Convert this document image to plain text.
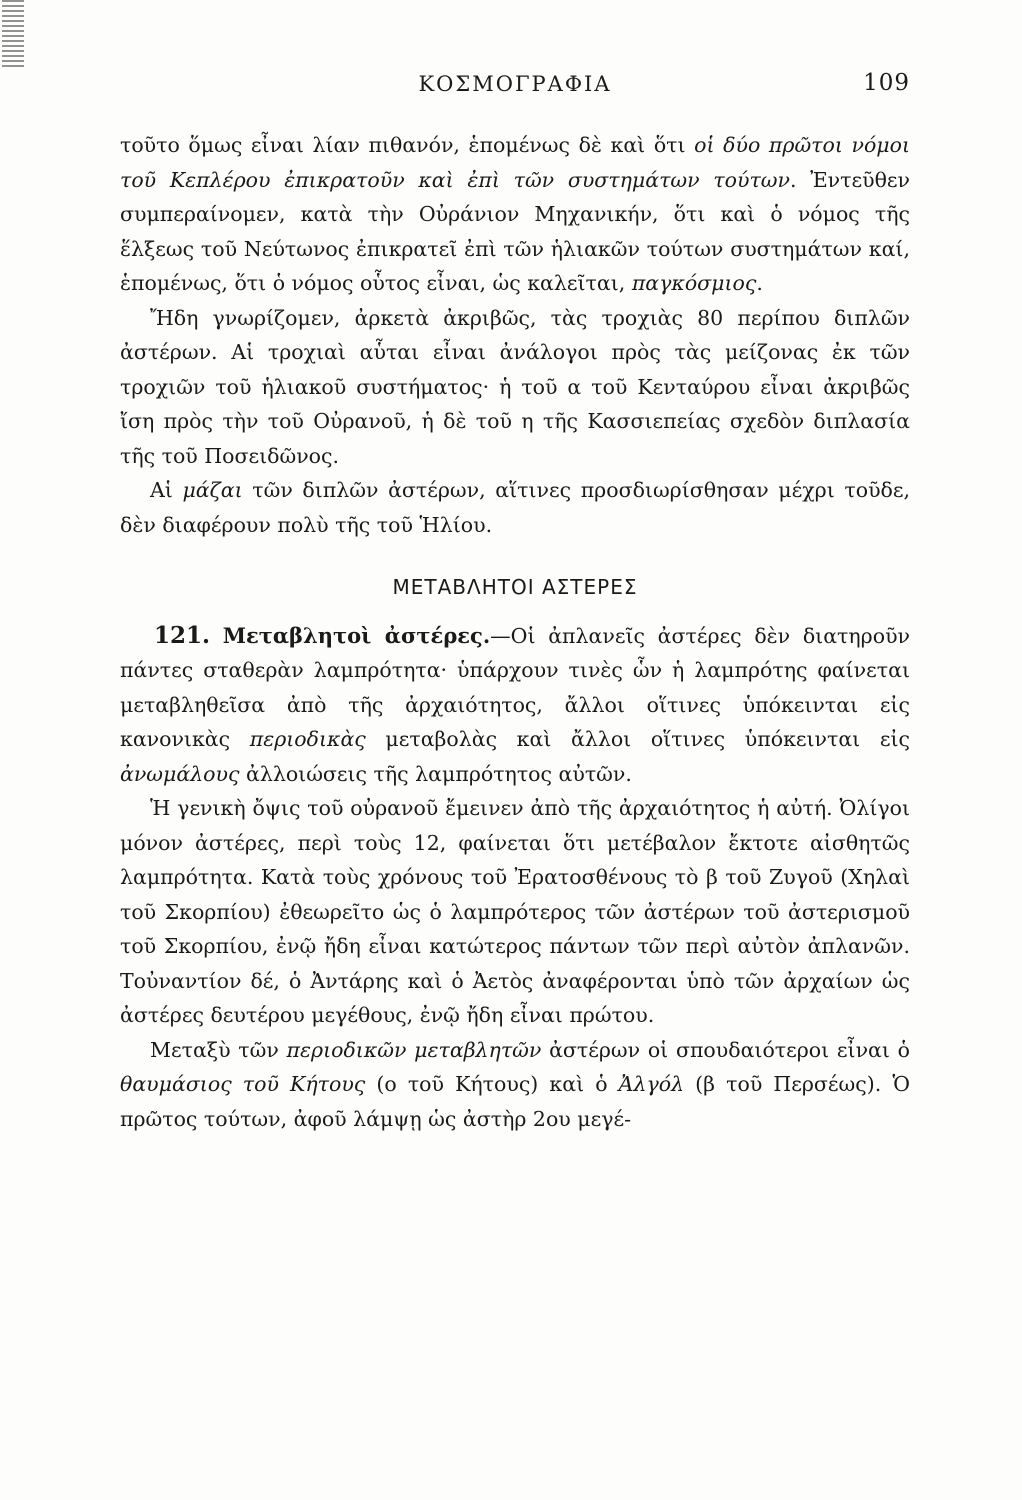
ΚΟΣΜΟΓΡΑΦΙΑ	109

τοῦτο ὅμως εἶναι λίαν πιθανόν, ἑπομένως δὲ καὶ ὅτι οἱ δύο πρῶτοι νόμοι τοῦ Κεπλέρου ἐπικρατοῦν καὶ ἐπὶ τῶν συστημάτων τούτων. Ἐντεῦθεν συμπεραίνομεν, κατὰ τὴν Οὐράνιον Μηχανικήν, ὅτι καὶ ὁ νόμος τῆς ἕλξεως τοῦ Νεύτωνος ἐπικρατεῖ ἐπὶ τῶν ἡλιακῶν τούτων συστημάτων καί, ἑπομένως, ὅτι ὁ νόμος οὗτος εἶναι, ὡς καλεῖται, παγκόσμιος.

Ἤδη γνωρίζομεν, ἀρκετὰ ἀκριβῶς, τὰς τροχιὰς 80 περίπου διπλῶν ἀστέρων. Αἱ τροχιαὶ αὗται εἶναι ἀνάλογοι πρὸς τὰς μείζονας ἐκ τῶν τροχιῶν τοῦ ἡλιακοῦ συστήματος· ἡ τοῦ α τοῦ Κενταύρου εἶναι ἀκριβῶς ἴση πρὸς τὴν τοῦ Οὐρανοῦ, ἡ δὲ τοῦ η τῆς Κασσιεπείας σχεδὸν διπλασία τῆς τοῦ Ποσειδῶνος.

Αἱ μάζαι τῶν διπλῶν ἀστέρων, αἵτινες προσδιωρίσθησαν μέχρι τοῦδε, δὲν διαφέρουν πολὺ τῆς τοῦ Ἡλίου.

ΜΕΤΑΒΛΗΤΟΙ ΑΣΤΕΡΕΣ

121. Μεταβλητοὶ ἀστέρες.—Οἱ ἀπλανεῖς ἀστέρες δὲν διατηροῦν πάντες σταθερὰν λαμπρότητα· ὑπάρχουν τινὲς ὧν ἡ λαμπρότης φαίνεται μεταβληθεῖσα ἀπὸ τῆς ἀρχαιότητος, ἄλλοι οἵτινες ὑπόκεινται εἰς κανονικὰς περιοδικὰς μεταβολὰς καὶ ἄλλοι οἵτινες ὑπόκεινται εἰς ἀνωμάλους ἀλλοιώσεις τῆς λαμπρότητος αὐτῶν.

Ἡ γενικὴ ὄψις τοῦ οὐρανοῦ ἔμεινεν ἀπὸ τῆς ἀρχαιότητος ἡ αὐτή. Ὀλίγοι μόνον ἀστέρες, περὶ τοὺς 12, φαίνεται ὅτι μετέβαλον ἔκτοτε αἰσθητῶς λαμπρότητα. Κατὰ τοὺς χρόνους τοῦ Ἐρατοσθένους τὸ β τοῦ Ζυγοῦ (Χηλαὶ τοῦ Σκορπίου) ἐθεωρεῖτο ὡς ὁ λαμπρότερος τῶν ἀστέρων τοῦ ἀστερισμοῦ τοῦ Σκορπίου, ἐνῷ ἤδη εἶναι κατώτερος πάντων τῶν περὶ αὐτὸν ἀπλανῶν. Τοὐναντίον δέ, ὁ Ἀντάρης καὶ ὁ Ἀετὸς ἀναφέρονται ὑπὸ τῶν ἀρχαίων ὡς ἀστέρες δευτέρου μεγέθους, ἐνῷ ἤδη εἶναι πρώτου.

Μεταξὺ τῶν περιοδικῶν μεταβλητῶν ἀστέρων οἱ σπουδαιότεροι εἶναι ὁ θαυμάσιος τοῦ Κήτους (ο τοῦ Κήτους) καὶ ὁ Ἀλγόλ (β τοῦ Περσέως). Ὁ πρῶτος τούτων, ἀφοῦ λάμψῃ ὡς ἀστὴρ 2ου μεγέ-
